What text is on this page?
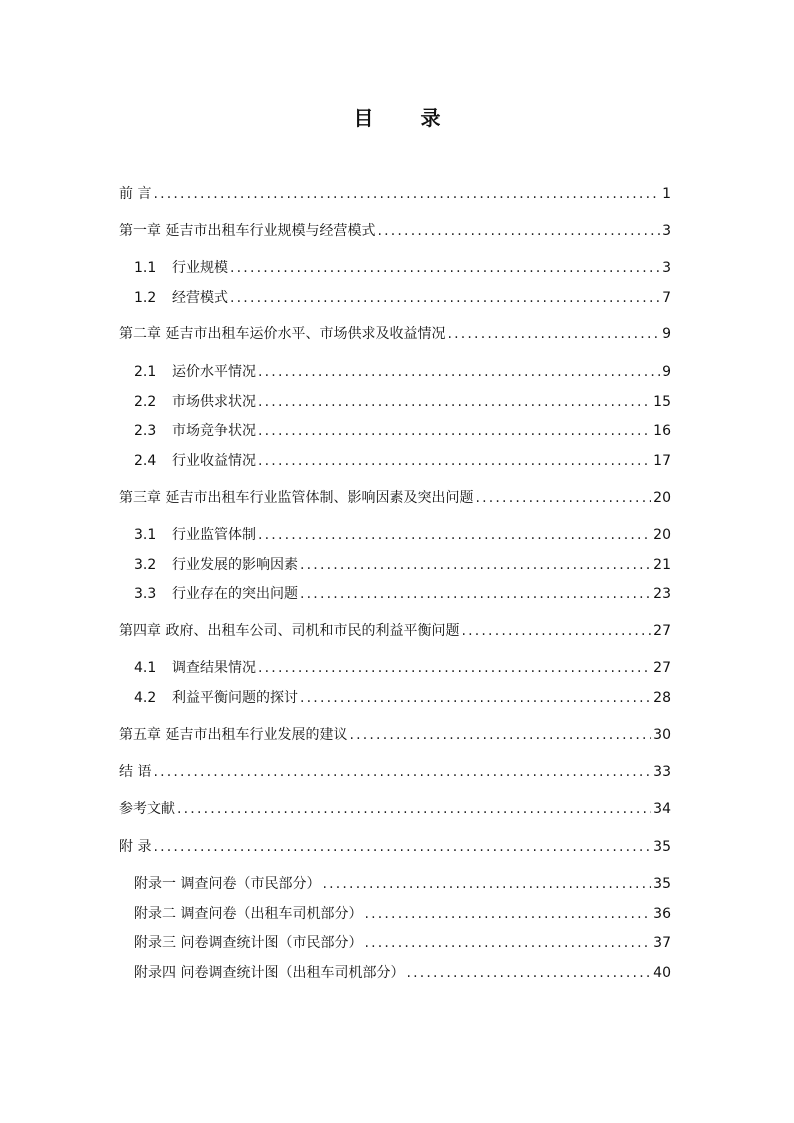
目 录
前 言 .....	1
第一章 延吉市出租车行业规模与经营模式 .....	3
1.1	行业规模 .....	3
1.2	经营模式 .....	7
第二章 延吉市出租车运价水平、市场供求及收益情况 .....	9
2.1	运价水平情况 .....	9
2.2	市场供求状况 .....	15
2.3	市场竞争状况 .....	16
2.4	行业收益情况 .....	17
第三章 延吉市出租车行业监管体制、影响因素及突出问题 .....	20
3.1	行业监管体制 .....	20
3.2	行业发展的影响因素 .....	21
3.3	行业存在的突出问题 .....	23
第四章 政府、出租车公司、司机和市民的利益平衡问题 .....	27
4.1	调查结果情况 .....	27
4.2	利益平衡问题的探讨 .....	28
第五章 延吉市出租车行业发展的建议 .....	30
结 语 .....	33
参考文献 .....	34
附 录 .....	35
附录一 调查问卷（市民部分） .....	35
附录二 调查问卷（出租车司机部分） .....	36
附录三 问卷调查统计图（市民部分） .....	37
附录四 问卷调查统计图（出租车司机部分） .....	40
